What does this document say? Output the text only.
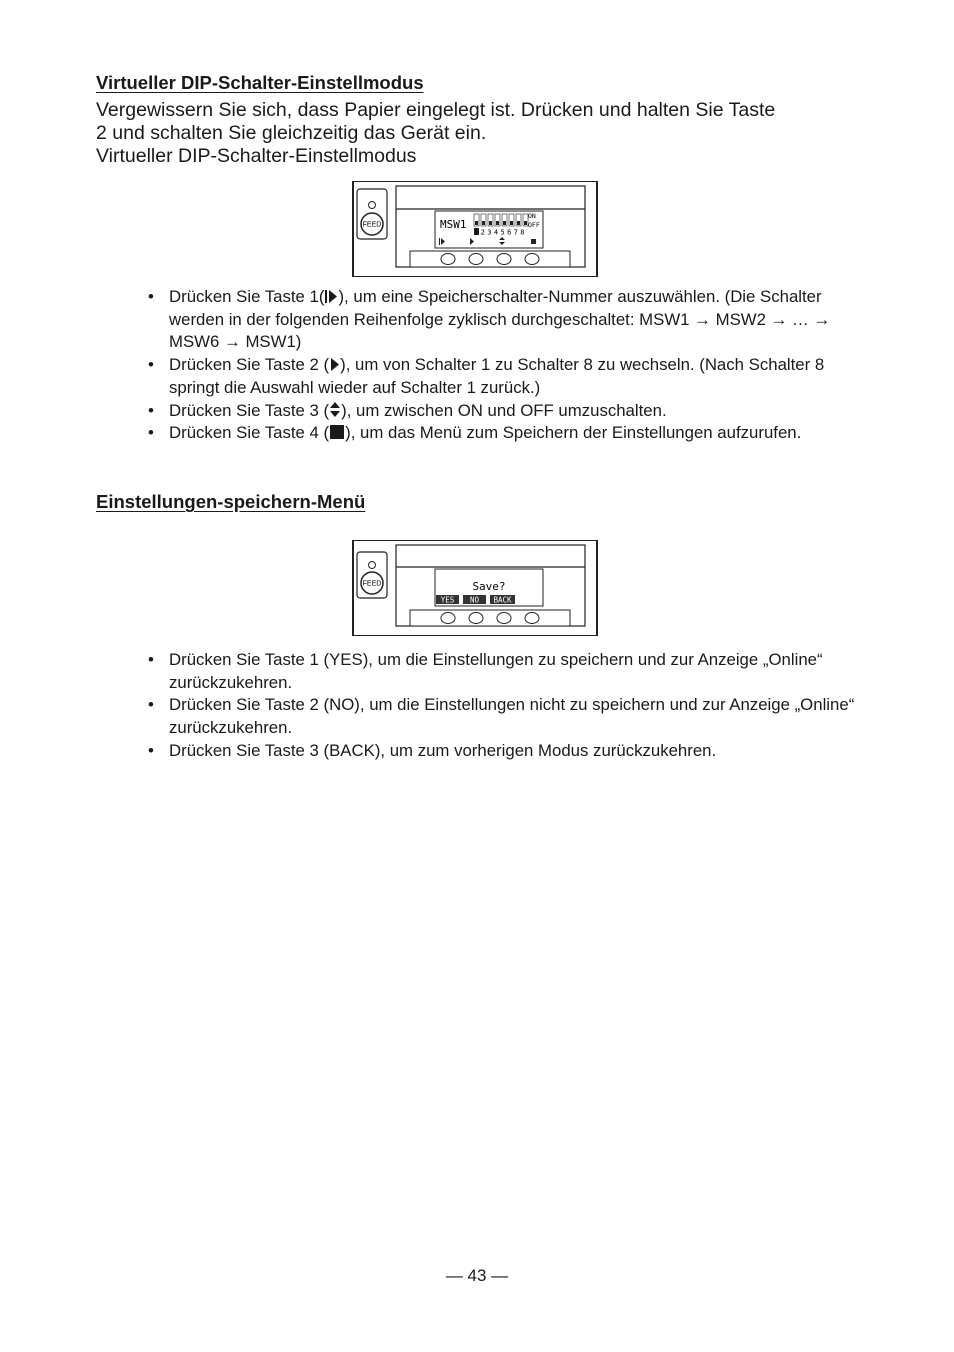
Virtueller DIP-Schalter-Einstellmodus
Vergewissern Sie sich, dass Papier eingelegt ist. Drücken und halten Sie Taste
2 und schalten Sie gleichzeitig das Gerät ein.
Virtueller DIP-Schalter-Einstellmodus
FEED	MSW1
ON
OFF
12345678
• Drücken Sie Taste 1( ), um eine Speicherschalter-Nummer auszuwählen. (Die Schalter werden in der folgenden Reihenfolge zyklisch durchgeschaltet: MSW1 → MSW2 → … → MSW6 → MSW1)
• Drücken Sie Taste 2 ( ), um von Schalter 1 zu Schalter 8 zu wechseln. (Nach Schalter 8 springt die Auswahl wieder auf Schalter 1 zurück.)
• Drücken Sie Taste 3 ( ), um zwischen ON und OFF umzuschalten.
• Drücken Sie Taste 4 ( ), um das Menü zum Speichern der Einstellungen aufzurufen.
Einstellungen-speichern-Menü
FEED	Save?
YES NO BACK
• Drücken Sie Taste 1 (YES), um die Einstellungen zu speichern und zur Anzeige „Online“ zurückzukehren.
• Drücken Sie Taste 2 (NO), um die Einstellungen nicht zu speichern und zur Anzeige „Online“ zurückzukehren.
• Drücken Sie Taste 3 (BACK), um zum vorherigen Modus zurückzukehren.
— 43 —
